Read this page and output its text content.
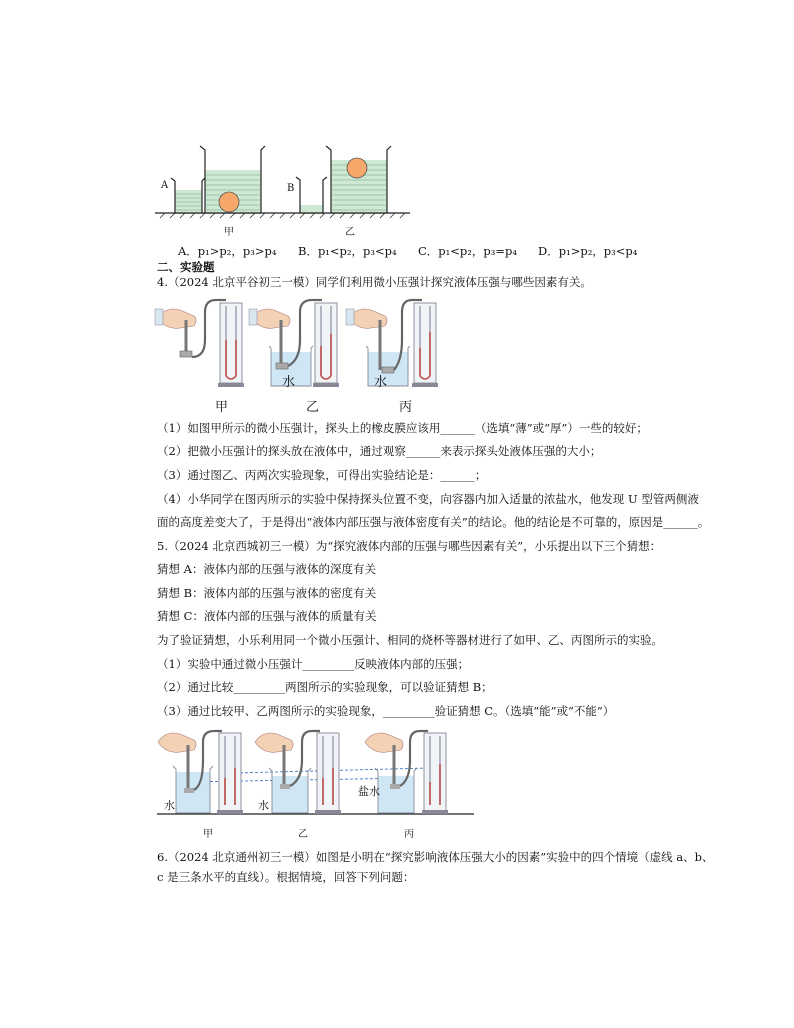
A	B
甲	乙
A．p₁>p₂，p₃>p₄ B．p₁<p₂，p₃<p₄ C．p₁<p₂，p₃=p₄ D．p₁>p₂，p₃<p₄
二、实验题
4.（2024 北京平谷初三一模）同学们利用微小压强计探究液体压强与哪些因素有关。
水	水
甲	乙	丙
（1）如图甲所示的微小压强计，探头上的橡皮膜应该用______（选填“薄”或“厚”）一些的较好；
（2）把微小压强计的探头放在液体中，通过观察______来表示探头处液体压强的大小；
（3）通过图乙、丙两次实验现象，可得出实验结论是：______；
（4）小华同学在图丙所示的实验中保持探头位置不变，向容器内加入适量的浓盐水，他发现 U 型管两侧液
面的高度差变大了，于是得出“液体内部压强与液体密度有关”的结论。他的结论是不可靠的，原因是______。
5.（2024 北京西城初三一模）为“探究液体内部的压强与哪些因素有关”，小乐提出以下三个猜想：
猜想 A：液体内部的压强与液体的深度有关
猜想 B：液体内部的压强与液体的密度有关
猜想 C：液体内部的压强与液体的质量有关
为了验证猜想，小乐利用同一个微小压强计、相同的烧杯等器材进行了如甲、乙、丙图所示的实验。
（1）实验中通过微小压强计_________反映液体内部的压强；
（2）通过比较_________两图所示的实验现象，可以验证猜想 B；
（3）通过比较甲、乙两图所示的实验现象，_________验证猜想 C。（选填“能”或“不能”）
水	水
盐水
甲	乙	丙
6.（2024 北京通州初三一模）如图是小明在“探究影响液体压强大小的因素”实验中的四个情境（虚线 a、b、
c 是三条水平的直线）。根据情境，回答下列问题：
